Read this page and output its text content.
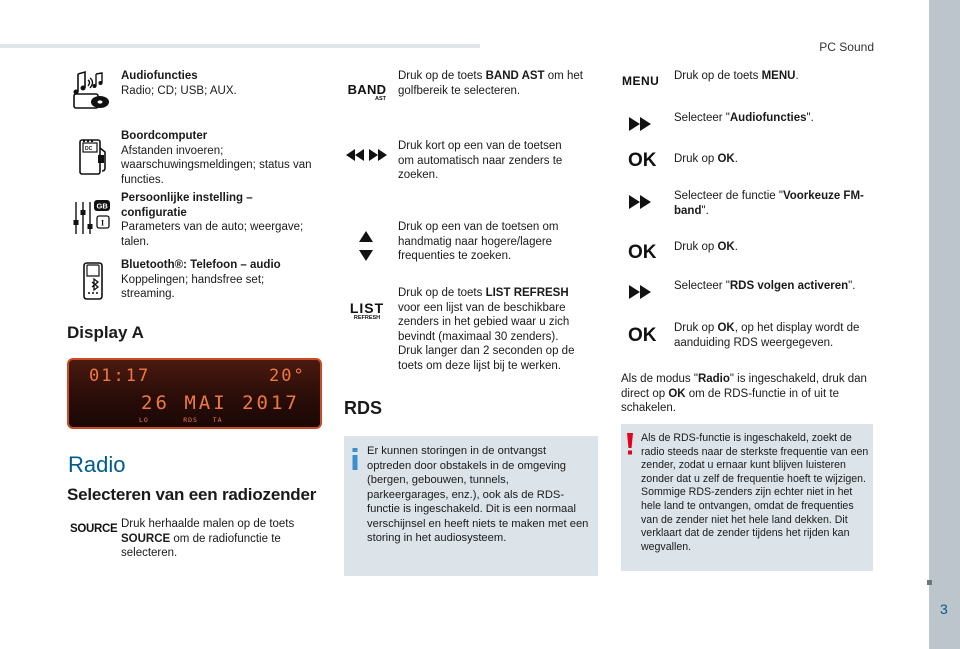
PC Sound
3
Audiofuncties
Radio; CD; USB; AUX.
DC
Boordcomputer
Afstanden invoeren; waarschuwingsmeldingen; status van functies.
GB
I
Persoonlijke instelling – configuratie
Parameters van de auto; weergave; talen.
Bluetooth®: Telefoon – audio
Koppelingen; handsfree set; streaming.
Display A
01:17	20°
26 MAI 2017
LO       RDS   TA
Radio
Selecteren van een radiozender
SOURCE Druk herhaalde malen op de toets SOURCE om de radiofunctie te selecteren.
BAND
AST
Druk op de toets BAND AST om het golfbereik te selecteren.
Druk kort op een van de toetsen om automatisch naar zenders te zoeken.
Druk op een van de toetsen om handmatig naar hogere/lagere frequenties te zoeken.
LIST
REFRESH
Druk op de toets LIST REFRESH voor een lijst van de beschikbare zenders in het gebied waar u zich bevindt (maximaal 30 zenders). Druk langer dan 2 seconden op de toets om deze lijst bij te werken.
RDS
Er kunnen storingen in de ontvangst optreden door obstakels in de omgeving (bergen, gebouwen, tunnels, parkeergarages, enz.), ook als de RDS-functie is ingeschakeld. Dit is een normaal verschijnsel en heeft niets te maken met een storing in het audiosysteem.
MENU Druk op de toets MENU.
Selecteer "Audiofuncties".
OK Druk op OK.
Selecteer de functie "Voorkeuze FM-band".
OK Druk op OK.
Selecteer "RDS volgen activeren".
OK Druk op OK, op het display wordt de aanduiding RDS weergegeven.
Als de modus "Radio" is ingeschakeld, druk dan direct op OK om de RDS-functie in of uit te schakelen.
Als de RDS-functie is ingeschakeld, zoekt de radio steeds naar de sterkste frequentie van een zender, zodat u ernaar kunt blijven luisteren zonder dat u zelf de frequentie hoeft te wijzigen. Sommige RDS-zenders zijn echter niet in het hele land te ontvangen, omdat de frequenties van de zender niet het hele land dekken. Dit verklaart dat de zender tijdens het rijden kan wegvallen.
